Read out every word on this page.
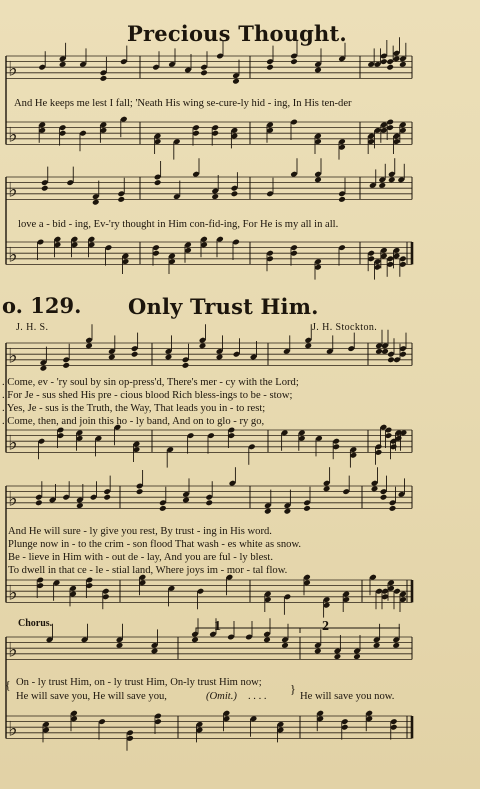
♭
♭
♭
♭
♭
♭
♭
♭
♭
♭
Precious Thought.
And He keeps me lest I fall; 'Neath His wing se-cure-ly hid - ing, In His ten-der
love a - bid - ing, Ev-'ry thought in Him con-fid-ing, For He is my all in all.
o. 129. Only Trust Him.
J. H. S.	J. H. Stockton.
. Come, ev - 'ry soul by sin op-press'd, There's mer - cy with the Lord;
. For Je - sus shed His pre - cious blood Rich bless-ings to be - stow;
. Yes, Je - sus is the Truth, the Way, That leads you in - to rest;
. Come, then, and join this ho - ly band, And on to glo - ry go,
And He will sure - ly give you rest, By trust - ing in His word.
Plunge now in - to the crim - son flood That wash - es white as snow.
Be - lieve in Him with - out de - lay, And you are ful - ly blest.
To dwell in that ce - le - stial land, Where joys im - mor - tal flow.
Chorus.	1	2
{ On - ly trust Him, on - ly trust Him, On-ly trust Him now;
He will save you, He will save you,	(Omit.) . . . .
}
He will save you now.
